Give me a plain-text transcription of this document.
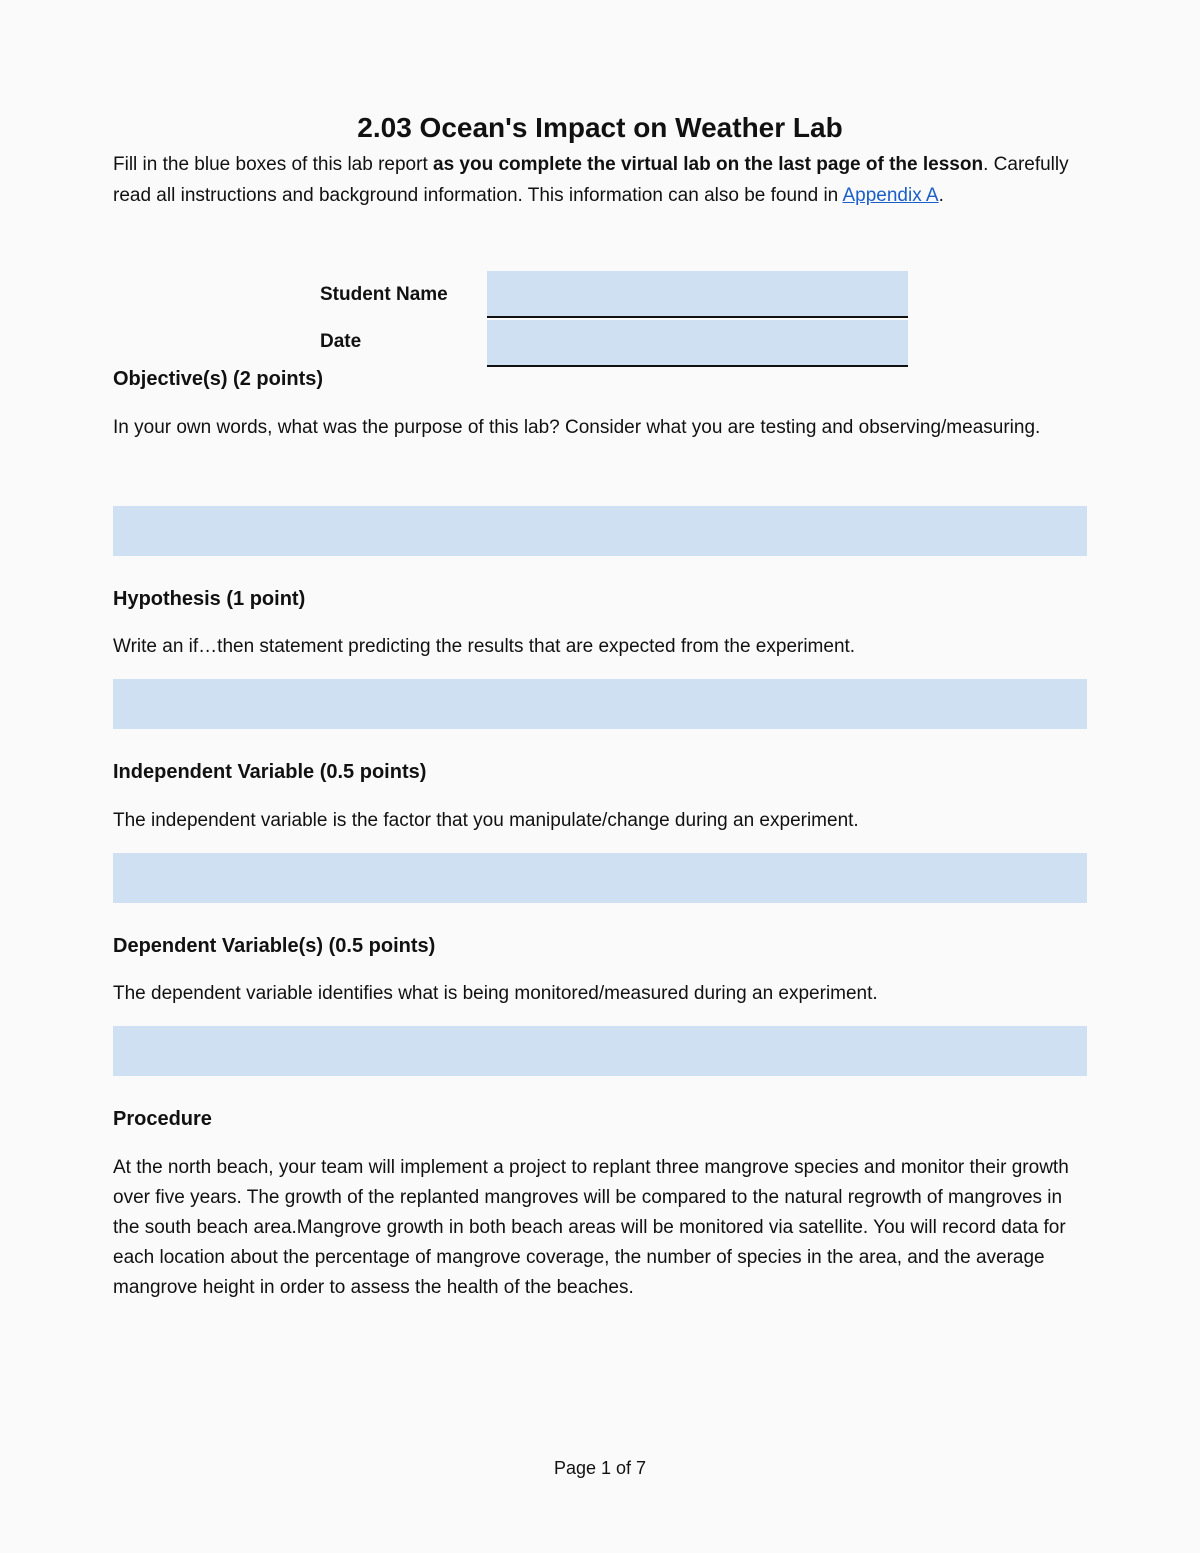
2.03 Ocean's Impact on Weather Lab

Fill in the blue boxes of this lab report as you complete the virtual lab on the last page of the lesson. Carefully read all instructions and background information. This information can also be found in Appendix A.

Student Name
Date
Objective(s) (2 points)

In your own words, what was the purpose of this lab? Consider what you are testing and observing/measuring.

Hypothesis (1 point)

Write an if…then statement predicting the results that are expected from the experiment.

Independent Variable (0.5 points)

The independent variable is the factor that you manipulate/change during an experiment.

Dependent Variable(s) (0.5 points)

The dependent variable identifies what is being monitored/measured during an experiment.

Procedure

At the north beach, your team will implement a project to replant three mangrove species and monitor their growth over five years. The growth of the replanted mangroves will be compared to the natural regrowth of mangroves in the south beach area.Mangrove growth in both beach areas will be monitored via satellite. You will record data for each location about the percentage of mangrove coverage, the number of species in the area, and the average mangrove height in order to assess the health of the beaches.

Page 1 of 7
